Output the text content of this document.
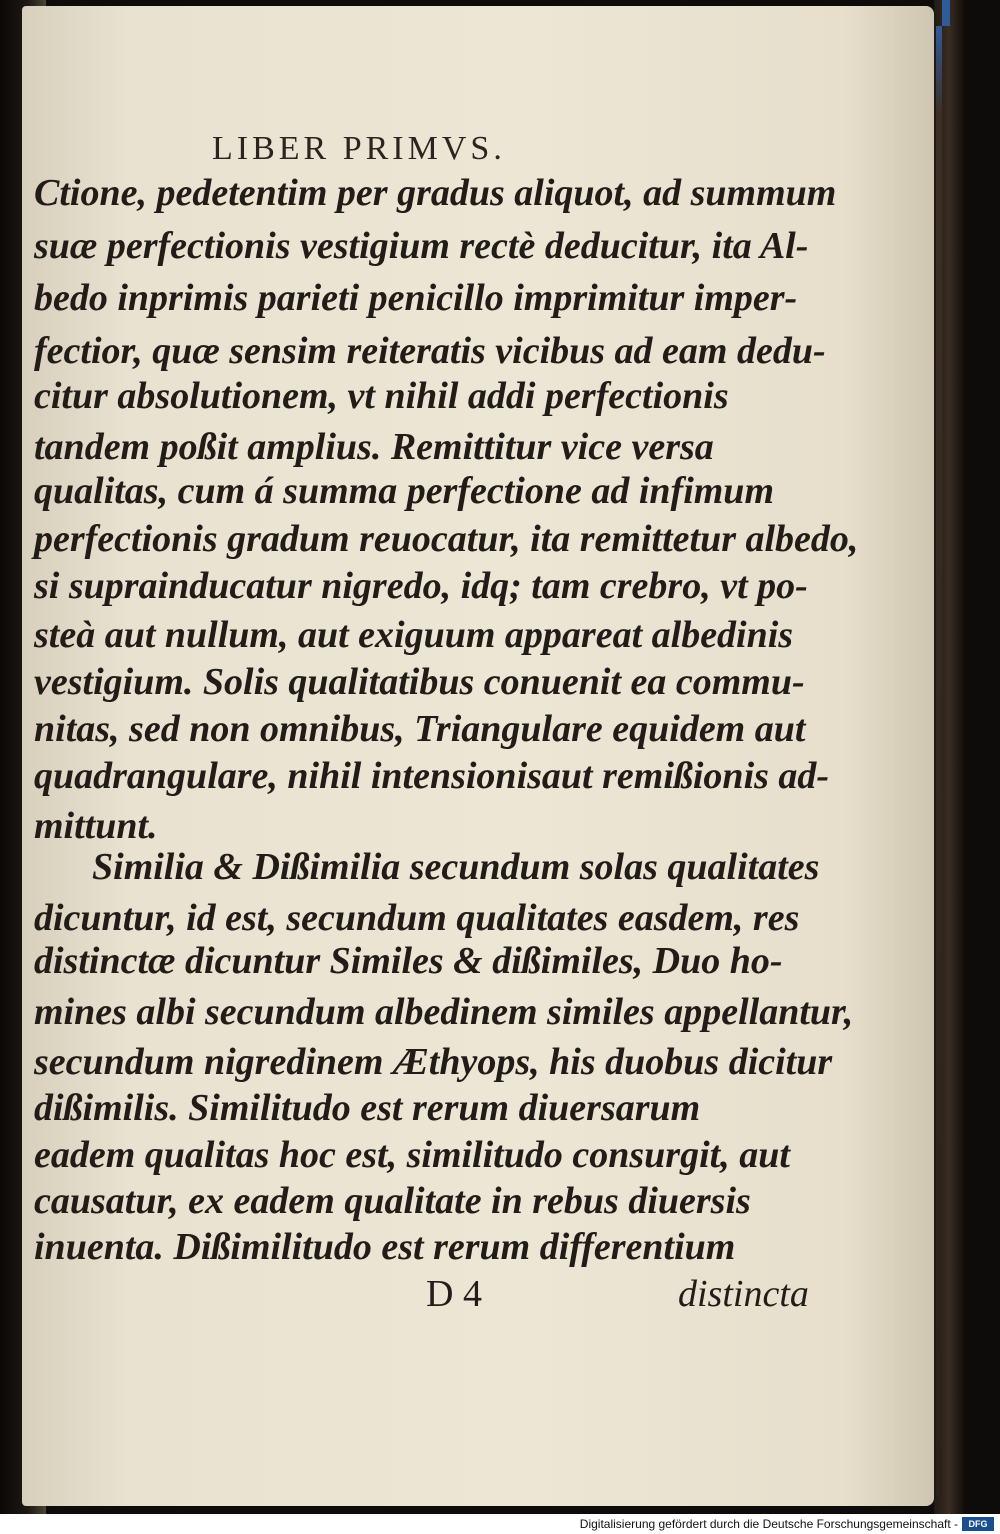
LIBER PRIMVS.
Ctione, pedetentim per gradus aliquot, ad summum
suæ perfectionis vestigium rectè deducitur, ita Al-
bedo inprimis parieti penicillo imprimitur imper-
fectior, quæ sensim reiteratis vicibus ad eam dedu-
citur absolutionem, vt nihil addi perfectionis
tandem poßit amplius. Remittitur vice versa
qualitas, cum á summa perfectione ad infimum
perfectionis gradum reuocatur, ita remittetur albedo,
si suprainducatur nigredo, idq; tam crebro, vt po-
steà aut nullum, aut exiguum appareat albedinis
vestigium. Solis qualitatibus conuenit ea commu-
nitas, sed non omnibus, Triangulare equidem aut
quadrangulare, nihil intensionisaut remißionis ad-
mittunt.
Similia & Dißimilia secundum solas qualitates
dicuntur, id est, secundum qualitates easdem, res
distinctæ dicuntur Similes & dißimiles, Duo ho-
mines albi secundum albedinem similes appellantur,
secundum nigredinem Æthyops, his duobus dicitur
dißimilis. Similitudo est rerum diuersarum
eadem qualitas hoc est, similitudo consurgit, aut
causatur, ex eadem qualitate in rebus diuersis
inuenta. Dißimilitudo est rerum differentium
D 4	distincta
Digitalisierung gefördert durch die Deutsche Forschungsgemeinschaft -	DFG
